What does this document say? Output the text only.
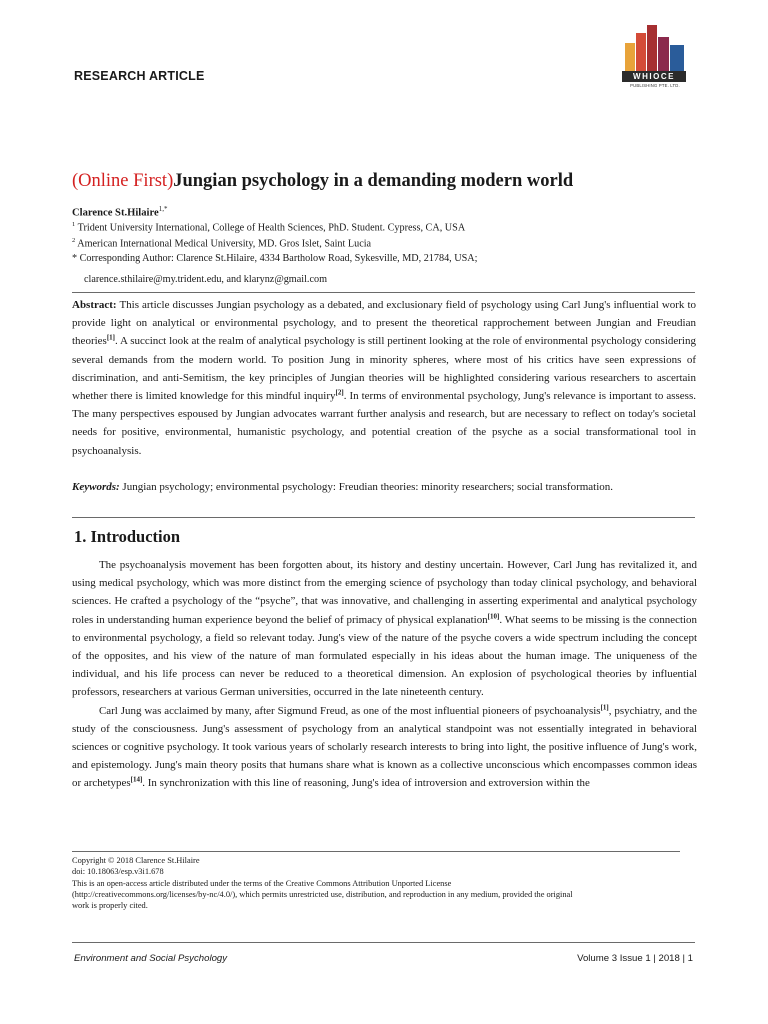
RESEARCH ARTICLE	WHIOCE
PUBLISHING PTE. LTD.
(Online First)Jungian psychology in a demanding modern world
Clarence St.Hilaire$^{1,*}$
$^1$ Trident University International, College of Health Sciences, PhD. Student. Cypress, CA, USA
$^2$ American International Medical University, MD. Gros Islet, Saint Lucia
* Corresponding Author: Clarence St.Hilaire, 4334 Bartholow Road, Sykesville, MD, 21784, USA;
clarence.sthilaire@my.trident.edu, and klarynz@gmail.com
Abstract: This article discusses Jungian psychology as a debated, and exclusionary field of psychology using Carl Jung's influential work to provide light on analytical or environmental psychology, and to present the theoretical rapprochement between Jungian and Freudian theories[1]. A succinct look at the realm of analytical psychology is still pertinent looking at the role of environmental psychology considering several demands from the modern world. To position Jung in minority spheres, where most of his critics have seen expressions of discrimination, and anti-Semitism, the key principles of Jungian theories will be highlighted considering various researchers to ascertain whether there is limited knowledge for this mindful inquiry[2]. In terms of environmental psychology, Jung's relevance is important to assess. The many perspectives espoused by Jungian advocates warrant further analysis and research, but are necessary to reflect on today's societal needs for positive, environmental, humanistic psychology, and potential creation of the psyche as a social transformational tool in psychoanalysis.
Keywords: Jungian psychology; environmental psychology: Freudian theories: minority researchers; social transformation.
1. Introduction

The psychoanalysis movement has been forgotten about, its history and destiny uncertain. However, Carl Jung has revitalized it, and using medical psychology, which was more distinct from the emerging science of psychology than today clinical psychology, and behavioral sciences. He crafted a psychology of the “psyche”, that was innovative, and challenging in asserting experimental and analytical psychology roles in understanding human experience beyond the belief of primacy of physical explanation[10]. What seems to be missing is the connection to environmental psychology, a field so relevant today. Jung's view of the nature of the psyche covers a wide spectrum including the concept of the opposites, and his view of the nature of man formulated especially in his ideas about the human image. The uniqueness of the individual, and his life process can never be reduced to a theoretical dimension. An explosion of psychological theories by influential professors, researchers at various German universities, occurred in the late nineteenth century.

Carl Jung was acclaimed by many, after Sigmund Freud, as one of the most influential pioneers of psychoanalysis[1], psychiatry, and the study of the consciousness. Jung's assessment of psychology from an analytical standpoint was not essentially integrated in behavioral sciences or cognitive psychology. It took various years of scholarly research interests to bring into light, the positive influence of Jung's work, and epistemology. Jung's main theory posits that humans share what is known as a collective unconscious which encompasses common ideas or archetypes[14]. In synchronization with this line of reasoning, Jung's idea of introversion and extroversion within the

Copyright © 2018 Clarence St.Hilaire
doi: 10.18063/esp.v3i1.678
This is an open-access article distributed under the terms of the Creative Commons Attribution Unported License
(http://creativecommons.org/licenses/by-nc/4.0/), which permits unrestricted use, distribution, and reproduction in any medium, provided the original
work is properly cited.
Environment and Social Psychology	Volume 3 Issue 1 | 2018 | 1
